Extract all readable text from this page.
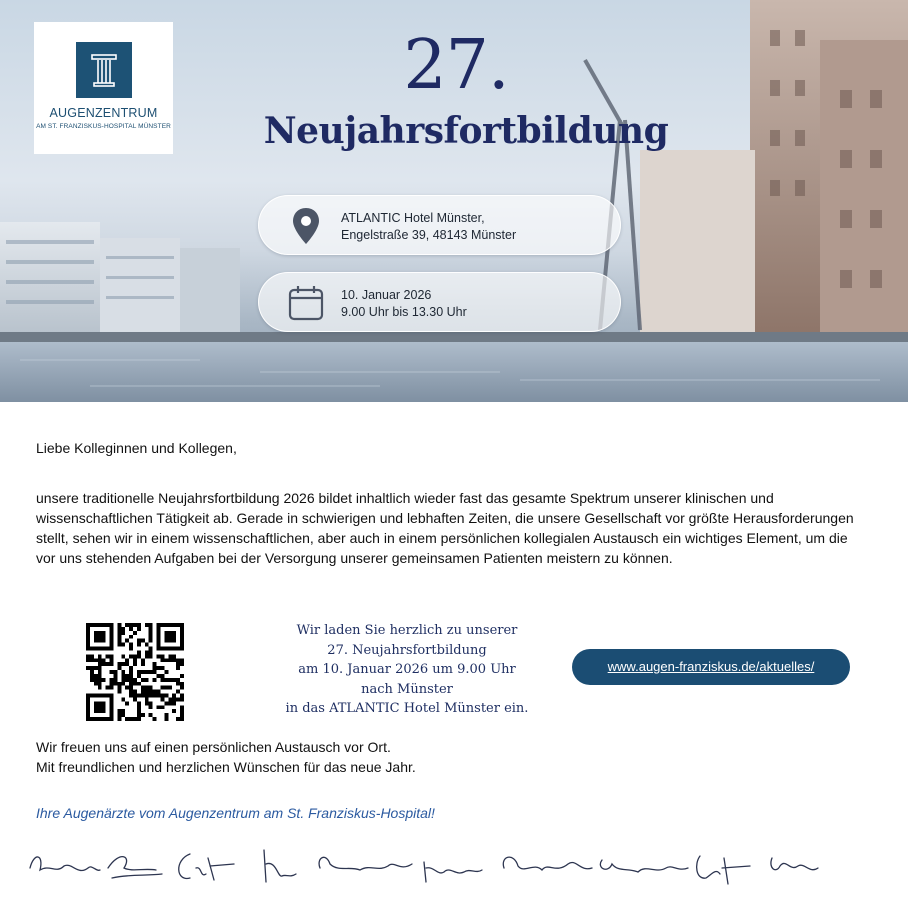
AUGENZENTRUM
AM ST. FRANZISKUS-HOSPITAL MÜNSTER
27.
Neujahrsfortbildung
ATLANTIC Hotel Münster,
Engelstraße 39, 48143 Münster
10. Januar 2026
9.00 Uhr bis 13.30 Uhr
Liebe Kolleginnen und Kollegen,
unsere traditionelle Neujahrsfortbildung 2026 bildet inhaltlich wieder fast das gesamte Spektrum unserer klinischen und wissenschaftlichen Tätigkeit ab. Gerade in schwierigen und lebhaften Zeiten, die unsere Gesellschaft vor größte Herausforderungen stellt, sehen wir in einem wissenschaftlichen, aber auch in einem persönlichen kollegialen Austausch ein wichtiges Element, um die vor uns stehenden Aufgaben bei der Versorgung unserer gemeinsamen Patienten meistern zu können.
Wir laden Sie herzlich zu unserer
27. Neujahrsfortbildung
am 10. Januar 2026 um 9.00 Uhr
nach Münster
in das ATLANTIC Hotel Münster ein.
www.augen-franziskus.de/aktuelles/
Wir freuen uns auf einen persönlichen Austausch vor Ort.
Mit freundlichen und herzlichen Wünschen für das neue Jahr.
Ihre Augenärzte vom Augenzentrum am St. Franziskus-Hospital!
